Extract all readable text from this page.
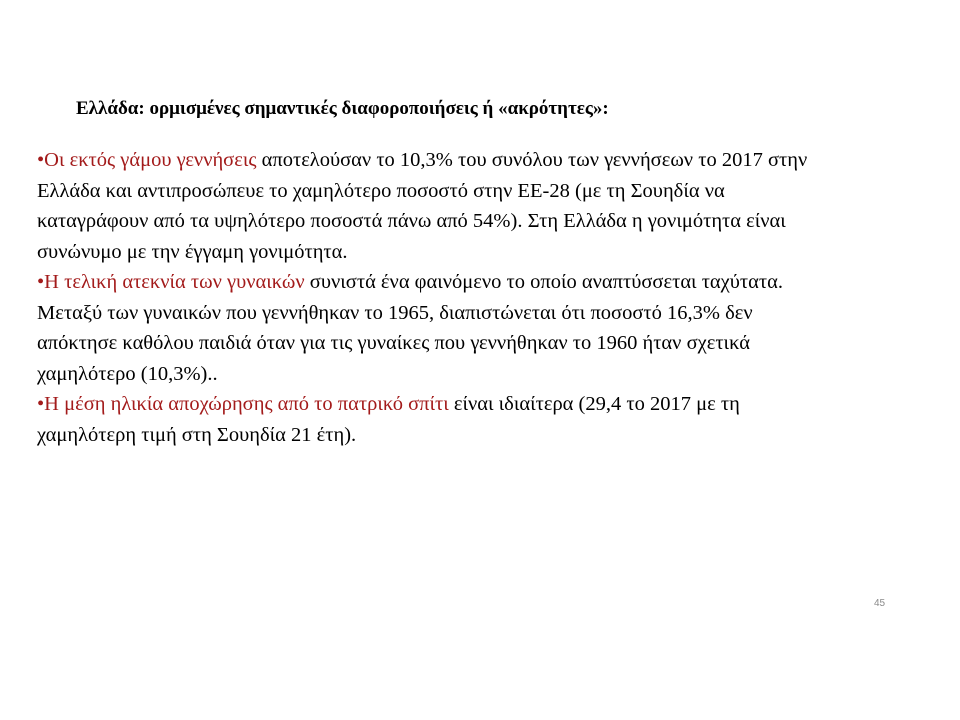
Ελλάδα: ορμισμένες σημαντικές διαφοροποιήσεις ή «ακρότητες»:

•Οι εκτός γάμου γεννήσεις αποτελούσαν το 10,3% του συνόλου των γεννήσεων το 2017 στην
Ελλάδα και αντιπροσώπευε το χαμηλότερο ποσοστό στην ΕΕ-28 (με τη Σουηδία να
καταγράφουν από τα υψηλότερο ποσοστά πάνω από 54%). Στη Ελλάδα η γονιμότητα είναι
συνώνυμο με την έγγαμη γονιμότητα.

•Η τελική ατεκνία των γυναικών συνιστά ένα φαινόμενο το οποίο αναπτύσσεται ταχύτατα.
Μεταξύ των γυναικών που γεννήθηκαν το 1965, διαπιστώνεται ότι ποσοστό 16,3% δεν
απόκτησε καθόλου παιδιά όταν για τις γυναίκες που γεννήθηκαν το 1960 ήταν σχετικά
χαμηλότερο (10,3%)..

•Η μέση ηλικία αποχώρησης από το πατρικό σπίτι είναι ιδιαίτερα (29,4 το 2017 με τη
χαμηλότερη τιμή στη Σουηδία 21 έτη).

45
